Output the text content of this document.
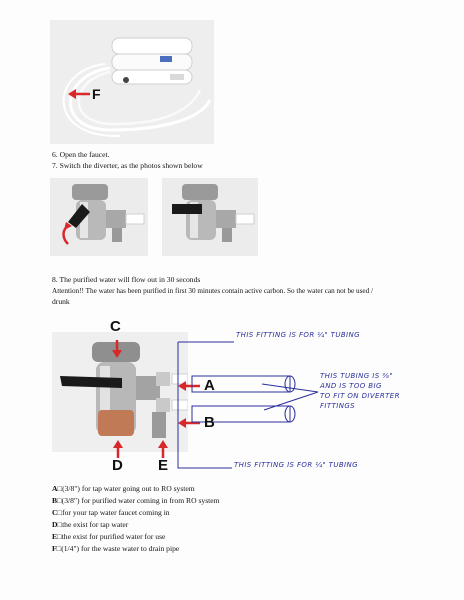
F
6. Open the faucet.
7. Switch the diverter, as the photos shown below
8. The purified water will flow out in 30 seconds
Attention!! The water has been purified in first 30 minutes contain active carbon. So the water can not be used /
drunk
C
A
B
D E
THIS FITTING IS FOR ¼" TUBING
THIS TUBING IS ⅜"
AND IS TOO BIG
TO FIT ON DIVERTER
FITTINGS
THIS FITTING IS FOR ¼" TUBING
A□(3/8") for tap water going out to RO system
B□(3/8") for purified water coming in from RO system
C□for your tap water faucet coming in
D□the exist for tap water
E□the exist for purified water for use
F□(1/4") for the waste water to drain pipe
